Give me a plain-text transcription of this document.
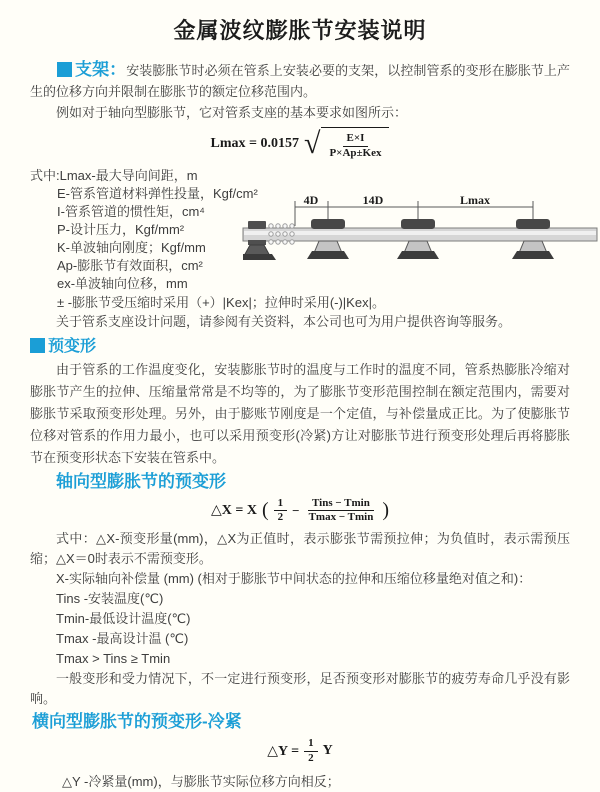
金属波纹膨胀节安装说明

支架：安装膨胀节时必须在管系上安装必要的支架，以控制管系的变形在膨胀节上产生的位移方向并限制在膨胀节的额定位移范围内。

例如对于轴向型膨胀节，它对管系支座的基本要求如图所示：

Lmax = 0.0157 √ $\frac{E\times I}{\text{P×Ap±Kex}}$
式中:Lmax-最大导向间距，m
E-管系管道材料弹性投量，Kgf/cm²
I-管系管道的惯性矩，cm⁴
P-设计压力，Kgf/mm²
K-单波轴向刚度；Kgf/mm
Ap-膨胀节有效面积，cm²
ex-单波轴向位移，mm
4D	14D	Lmax

± -膨胀节受压缩时采用（+）|Kex|；拉伸时采用(-)|Kex|。

关于管系支座设计问题，请参阅有关资料，本公司也可为用户提供咨询等服务。

预变形

由于管系的工作温度变化，安装膨胀节时的温度与工作时的温度不同，管系热膨胀冷缩对膨胀节产生的拉伸、压缩量常常是不均等的，为了膨胀节变形范围控制在额定范围内，需要对膨胀节采取预变形处理。另外，由于膨账节刚度是一个定值，与补偿量成正比。为了使膨胀节位移对管系的作用力最小，也可以采用预变形(冷紧)方让对膨胀节进行预变形处理后再将膨胀节在预变形状态下安装在管系中。

轴向型膨胀节的预变形
△X = X ( $\frac{1}{2} - \frac{\text{Tins − Tmin}}{Tmax - Tmin}$ )

式中：△X-预变形量(mm)，△X为正值时，表示膨张节需预拉伸；为负值时，表示需预压缩；△X＝0时表示不需预变形。

X-实际轴向补偿量 (mm) (相对于膨胀节中间状态的拉伸和压缩位移量绝对值之和)：

Tins -安装温度(℃)

Tmin-最低设计温度(℃)

Tmax -最高设计温 (℃)

Tmax > Tins ≥ Tmin

一般变形和受力情况下，不一定进行预变形，足否预变形对膨胀节的疲劳寿命几乎没有影响。

横向型膨胀节的预变形-冷紧
△Y = $\frac{1}{2}$ Y

△Y -冷紧量(mm)，与膨胀节实际位移方向相反；
